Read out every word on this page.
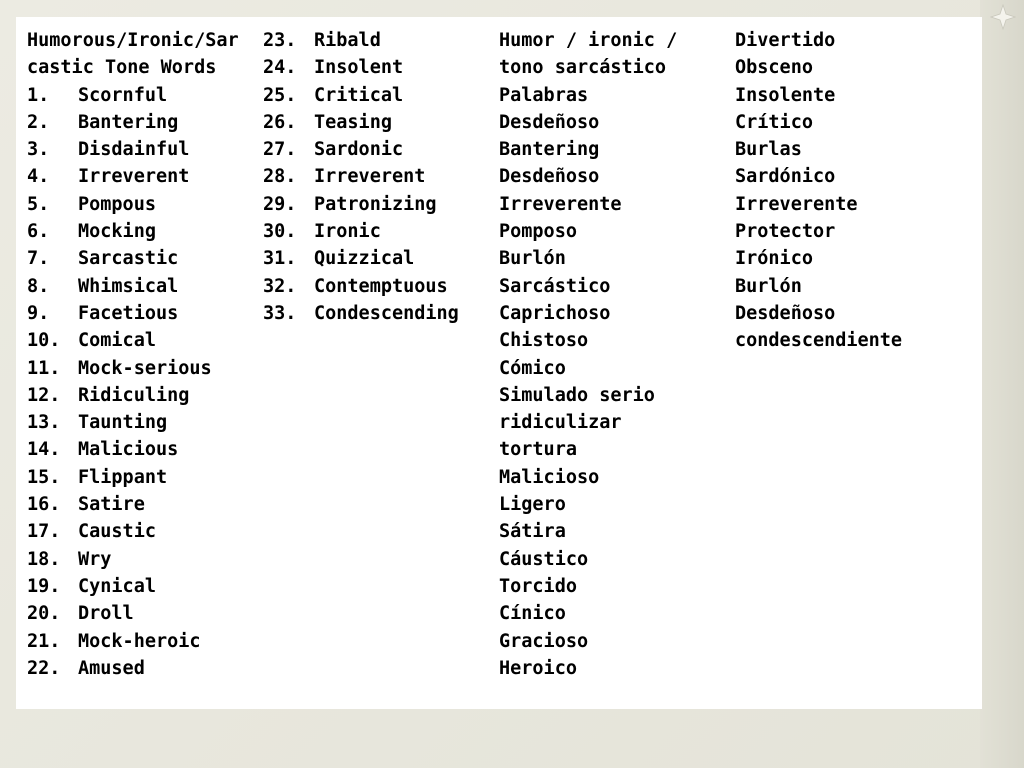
Humorous/Ironic/Sar
castic Tone Words
1. Scornful
2. Bantering
3. Disdainful
4. Irreverent
5. Pompous
6. Mocking
7. Sarcastic
8. Whimsical
9. Facetious
10. Comical
11. Mock-serious
12. Ridiculing
13. Taunting
14. Malicious
15. Flippant
16. Satire
17. Caustic
18. Wry
19. Cynical
20. Droll
21. Mock-heroic
22. Amused
23. Ribald
24. Insolent
25. Critical
26. Teasing
27. Sardonic
28. Irreverent
29. Patronizing
30. Ironic
31. Quizzical
32. Contemptuous
33. Condescending
Humor / ironic /
tono sarcástico
Palabras
Desdeñoso
Bantering
Desdeñoso
Irreverente
Pomposo
Burlón
Sarcástico
Caprichoso
Chistoso
Cómico
Simulado serio
ridiculizar
tortura
Malicioso
Ligero
Sátira
Cáustico
Torcido
Cínico
Gracioso
Heroico
Divertido
Obsceno
Insolente
Crítico
Burlas
Sardónico
Irreverente
Protector
Irónico
Burlón
Desdeñoso
condescendiente
